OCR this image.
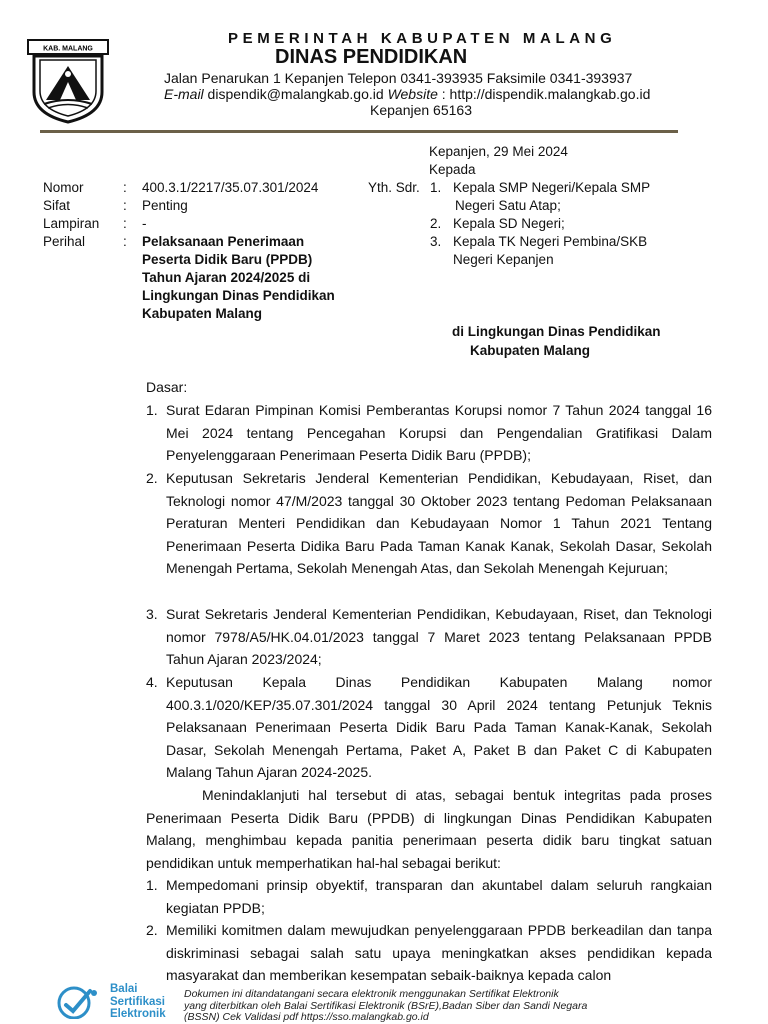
KAB. MALANG
PEMERINTAH KABUPATEN MALANG
DINAS PENDIDIKAN
Jalan Penarukan 1 Kepanjen Telepon 0341-393935 Faksimile 0341-393937
E-mail dispendik@malangkab.go.id Website : http://dispendik.malangkab.go.id
Kepanjen 65163
Kepanjen, 29 Mei 2024
Kepada
Nomor	: 400.3.1/2217/35.07.301/2024
Sifat	: Penting
Lampiran : -
Perihal	: Pelaksanaan Penerimaan
Peserta Didik Baru (PPDB)
Tahun Ajaran 2024/2025 di
Lingkungan Dinas Pendidikan
Kabupaten Malang
Yth. Sdr. 1. Kepala SMP Negeri/Kepala SMP
Negeri Satu Atap;
2. Kepala SD Negeri;
3. Kepala TK Negeri Pembina/SKB
Negeri Kepanjen
di Lingkungan Dinas Pendidikan
Kabupaten Malang
Dasar:
1. Surat Edaran Pimpinan Komisi Pemberantas Korupsi nomor 7 Tahun 2024 tanggal 16 Mei 2024 tentang Pencegahan Korupsi dan Pengendalian Gratifikasi Dalam Penyelenggaraan Penerimaan Peserta Didik Baru (PPDB);
2. Keputusan Sekretaris Jenderal Kementerian Pendidikan, Kebudayaan, Riset, dan Teknologi nomor 47/M/2023 tanggal 30 Oktober 2023 tentang Pedoman Pelaksanaan Peraturan Menteri Pendidikan dan Kebudayaan Nomor 1 Tahun 2021 Tentang Penerimaan Peserta Didika Baru Pada Taman Kanak Kanak, Sekolah Dasar, Sekolah Menengah Pertama, Sekolah Menengah Atas, dan Sekolah Menengah Kejuruan;
3. Surat Sekretaris Jenderal Kementerian Pendidikan, Kebudayaan, Riset, dan Teknologi nomor 7978/A5/HK.04.01/2023 tanggal 7 Maret 2023 tentang Pelaksanaan PPDB Tahun Ajaran 2023/2024;
4. Keputusan Kepala Dinas Pendidikan Kabupaten Malang nomor 400.3.1/020/KEP/35.07.301/2024 tanggal 30 April 2024 tentang Petunjuk Teknis Pelaksanaan Penerimaan Peserta Didik Baru Pada Taman Kanak-Kanak, Sekolah Dasar, Sekolah Menengah Pertama, Paket A, Paket B dan Paket C di Kabupaten Malang Tahun Ajaran 2024-2025.
Menindaklanjuti hal tersebut di atas, sebagai bentuk integritas pada proses Penerimaan Peserta Didik Baru (PPDB) di lingkungan Dinas Pendidikan Kabupaten Malang, menghimbau kepada panitia penerimaan peserta didik baru tingkat satuan pendidikan untuk memperhatikan hal-hal sebagai berikut:
1. Mempedomani prinsip obyektif, transparan dan akuntabel dalam seluruh rangkaian kegiatan PPDB;
2. Memiliki komitmen dalam mewujudkan penyelenggaraan PPDB berkeadilan dan tanpa diskriminasi sebagai salah satu upaya meningkatkan akses pendidikan kepada masyarakat dan memberikan kesempatan sebaik-baiknya kepada calon
Balai
Sertifikasi
Elektronik
Dokumen ini ditandatangani secara elektronik menggunakan Sertifikat Elektronik
yang diterbitkan oleh Balai Sertifikasi Elektronik (BSrE),Badan Siber dan Sandi Negara
(BSSN) Cek Validasi pdf https://sso.malangkab.go.id
